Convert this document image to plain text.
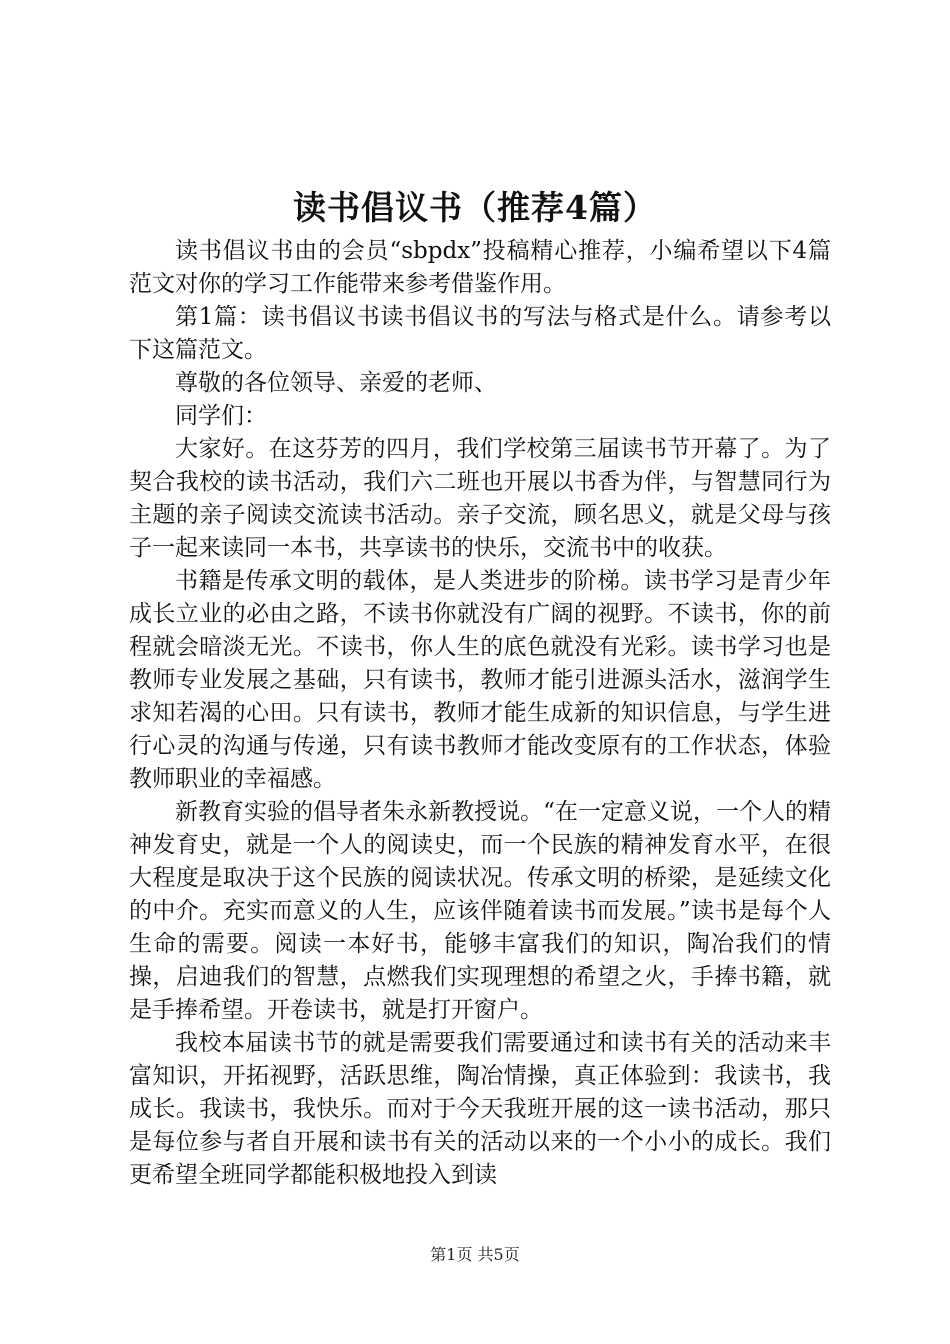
读书倡议书（推荐4篇）

读书倡议书由的会员“sbpdx”投稿精心推荐，小编希望以下4篇范文对你的学习工作能带来参考借鉴作用。

第1篇：读书倡议书读书倡议书的写法与格式是什么。请参考以下这篇范文。

尊敬的各位领导、亲爱的老师、

同学们：

大家好。在这芬芳的四月，我们学校第三届读书节开幕了。为了契合我校的读书活动，我们六二班也开展以书香为伴，与智慧同行为主题的亲子阅读交流读书活动。亲子交流，顾名思义，就是父母与孩子一起来读同一本书，共享读书的快乐，交流书中的收获。

书籍是传承文明的载体，是人类进步的阶梯。读书学习是青少年成长立业的必由之路，不读书你就没有广阔的视野。不读书，你的前程就会暗淡无光。不读书，你人生的底色就没有光彩。读书学习也是教师专业发展之基础，只有读书，教师才能引进源头活水，滋润学生求知若渴的心田。只有读书，教师才能生成新的知识信息，与学生进行心灵的沟通与传递，只有读书教师才能改变原有的工作状态，体验教师职业的幸福感。

新教育实验的倡导者朱永新教授说。“在一定意义说，一个人的精神发育史，就是一个人的阅读史，而一个民族的精神发育水平，在很大程度是取决于这个民族的阅读状况。传承文明的桥梁，是延续文化的中介。充实而意义的人生，应该伴随着读书而发展。”读书是每个人生命的需要。阅读一本好书，能够丰富我们的知识，陶冶我们的情操，启迪我们的智慧，点燃我们实现理想的希望之火，手捧书籍，就是手捧希望。开卷读书，就是打开窗户。

我校本届读书节的就是需要我们需要通过和读书有关的活动来丰富知识，开拓视野，活跃思维，陶冶情操，真正体验到：我读书，我成长。我读书，我快乐。而对于今天我班开展的这一读书活动，那只是每位参与者自开展和读书有关的活动以来的一个小小的成长。我们更希望全班同学都能积极地投入到读

第1页 共5页
